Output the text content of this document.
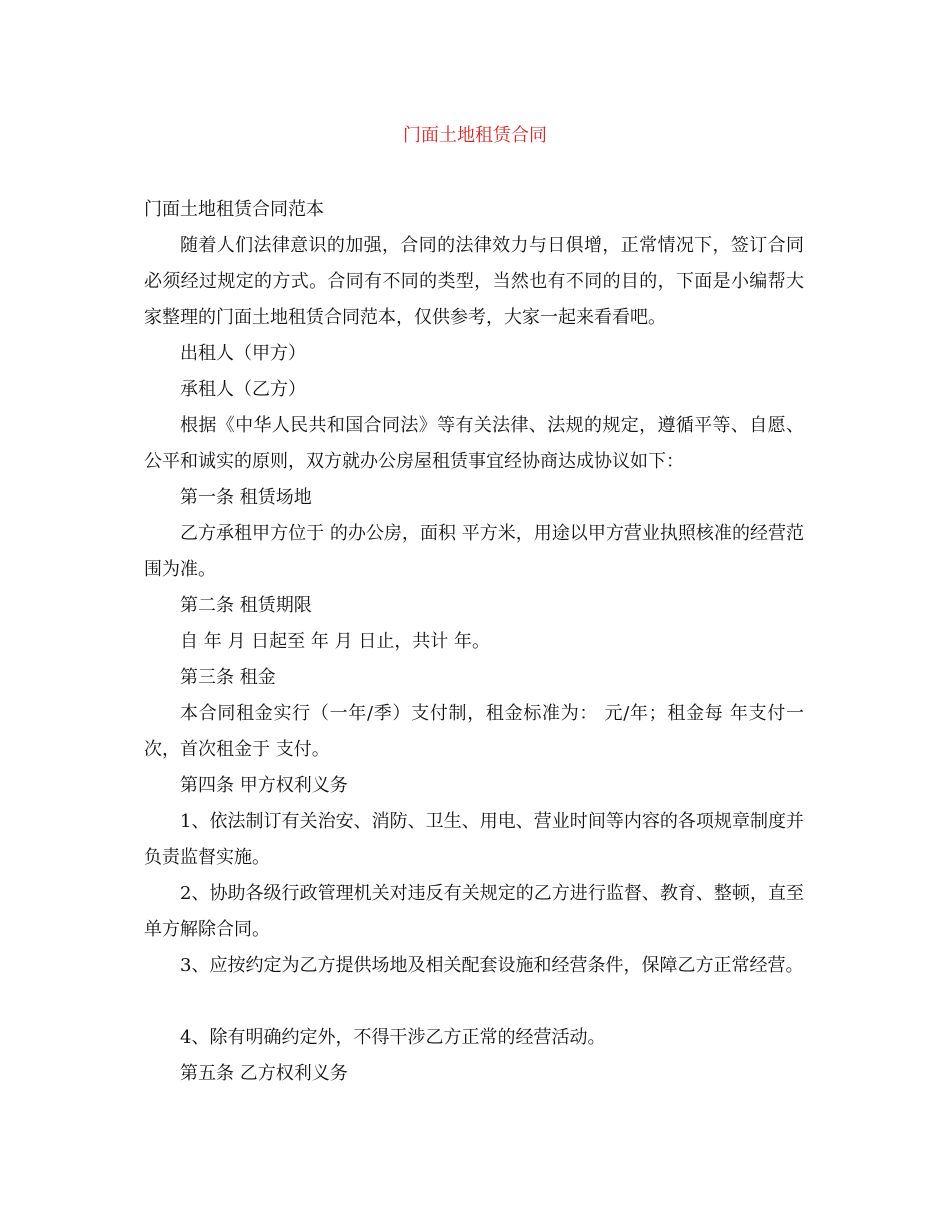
门面土地租赁合同

门面土地租赁合同范本

随着人们法律意识的加强，合同的法律效力与日俱增，正常情况下，签订合同必须经过规定的方式。合同有不同的类型，当然也有不同的目的，下面是小编帮大家整理的门面土地租赁合同范本，仅供参考，大家一起来看看吧。

出租人（甲方）

承租人（乙方）

根据《中华人民共和国合同法》等有关法律、法规的规定，遵循平等、自愿、公平和诚实的原则，双方就办公房屋租赁事宜经协商达成协议如下：

第一条 租赁场地

乙方承租甲方位于 的办公房，面积 平方米，用途以甲方营业执照核准的经营范围为准。

第二条 租赁期限

自 年 月 日起至 年 月 日止，共计 年。

第三条 租金

本合同租金实行（一年/季）支付制，租金标准为： 元/年；租金每 年支付一次，首次租金于 支付。

第四条 甲方权利义务

1、依法制订有关治安、消防、卫生、用电、营业时间等内容的各项规章制度并负责监督实施。

2、协助各级行政管理机关对违反有关规定的乙方进行监督、教育、整顿，直至单方解除合同。

3、应按约定为乙方提供场地及相关配套设施和经营条件，保障乙方正常经营。

4、除有明确约定外，不得干涉乙方正常的经营活动。

第五条 乙方权利义务
